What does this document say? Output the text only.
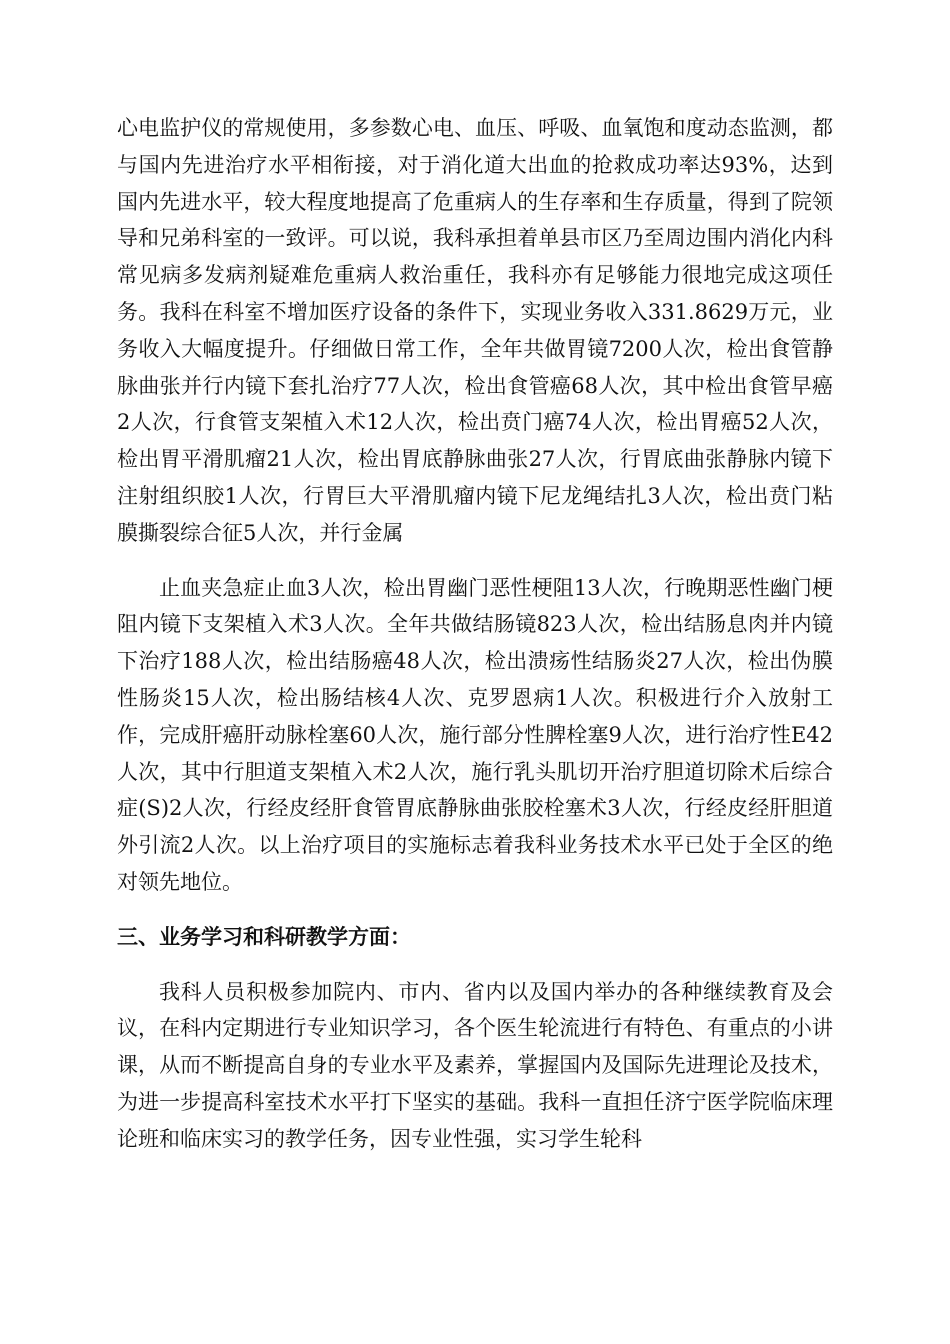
心电监护仪的常规使用，多参数心电、血压、呼吸、血氧饱和度动态监测，都与国内先进治疗水平相衔接，对于消化道大出血的抢救成功率达93%，达到国内先进水平，较大程度地提高了危重病人的生存率和生存质量，得到了院领导和兄弟科室的一致评。可以说，我科承担着单县市区乃至周边围内消化内科常见病多发病剂疑难危重病人救治重任，我科亦有足够能力很地完成这项任务。我科在科室不增加医疗设备的条件下，实现业务收入331.8629万元，业务收入大幅度提升。仔细做日常工作，全年共做胃镜7200人次，检出食管静脉曲张并行内镜下套扎治疗77人次，检出食管癌68人次，其中检出食管早癌2人次，行食管支架植入术12人次，检出贲门癌74人次，检出胃癌52人次，检出胃平滑肌瘤21人次，检出胃底静脉曲张27人次，行胃底曲张静脉内镜下注射组织胶1人次，行胃巨大平滑肌瘤内镜下尼龙绳结扎3人次，检出贲门粘膜撕裂综合征5人次，并行金属

止血夹急症止血3人次，检出胃幽门恶性梗阻13人次，行晚期恶性幽门梗阻内镜下支架植入术3人次。全年共做结肠镜823人次，检出结肠息肉并内镜下治疗188人次，检出结肠癌48人次，检出溃疡性结肠炎27人次，检出伪膜性肠炎15人次，检出肠结核4人次、克罗恩病1人次。积极进行介入放射工作，完成肝癌肝动脉栓塞60人次，施行部分性脾栓塞9人次，进行治疗性E42人次，其中行胆道支架植入术2人次，施行乳头肌切开治疗胆道切除术后综合症(S)2人次，行经皮经肝食管胃底静脉曲张胶栓塞术3人次，行经皮经肝胆道外引流2人次。以上治疗项目的实施标志着我科业务技术水平已处于全区的绝对领先地位。

三、业务学习和科研教学方面：

我科人员积极参加院内、市内、省内以及国内举办的各种继续教育及会议，在科内定期进行专业知识学习，各个医生轮流进行有特色、有重点的小讲课，从而不断提高自身的专业水平及素养，掌握国内及国际先进理论及技术，为进一步提高科室技术水平打下坚实的基础。我科一直担任济宁医学院临床理论班和临床实习的教学任务，因专业性强，实习学生轮科
